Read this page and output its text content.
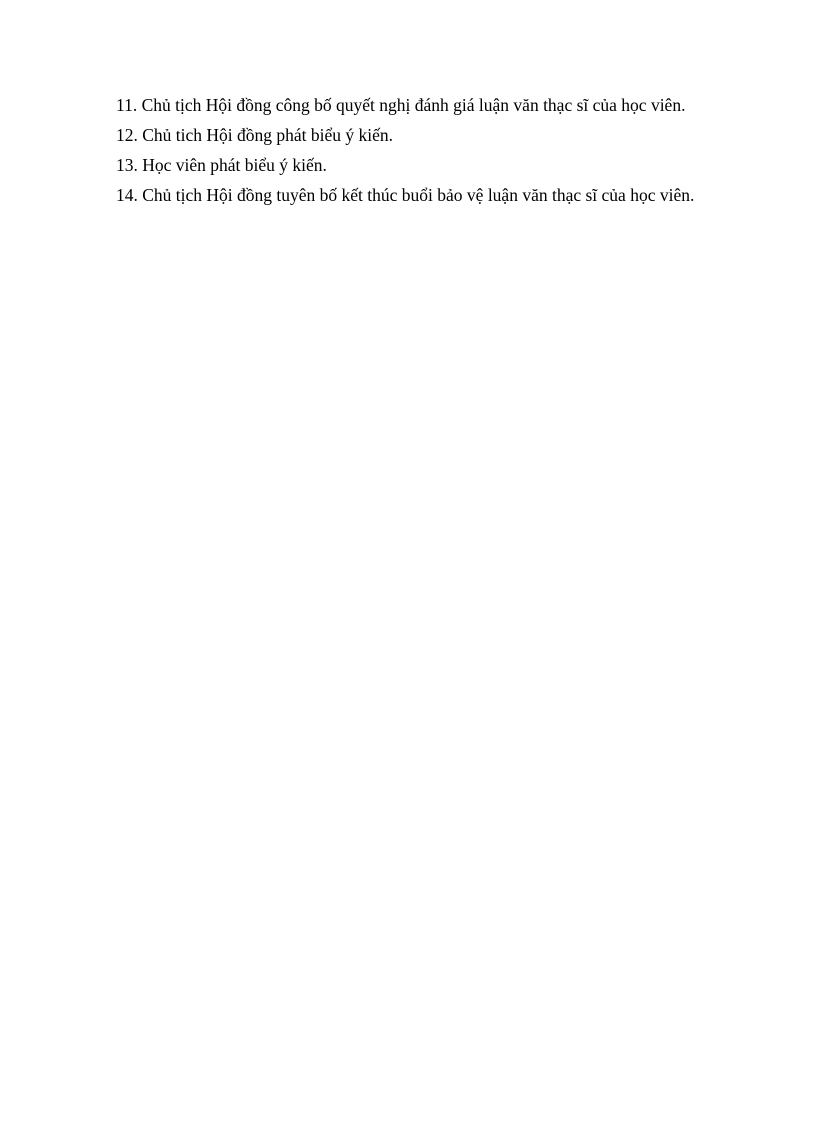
11. Chủ tịch Hội đồng công bố quyết nghị đánh giá luận văn thạc sĩ của học viên.

12. Chủ tich Hội đồng phát biểu ý kiến.

13. Học viên phát biểu ý kiến.

14. Chủ tịch Hội đồng tuyên bố kết thúc buổi bảo vệ luận văn thạc sĩ của học viên.
